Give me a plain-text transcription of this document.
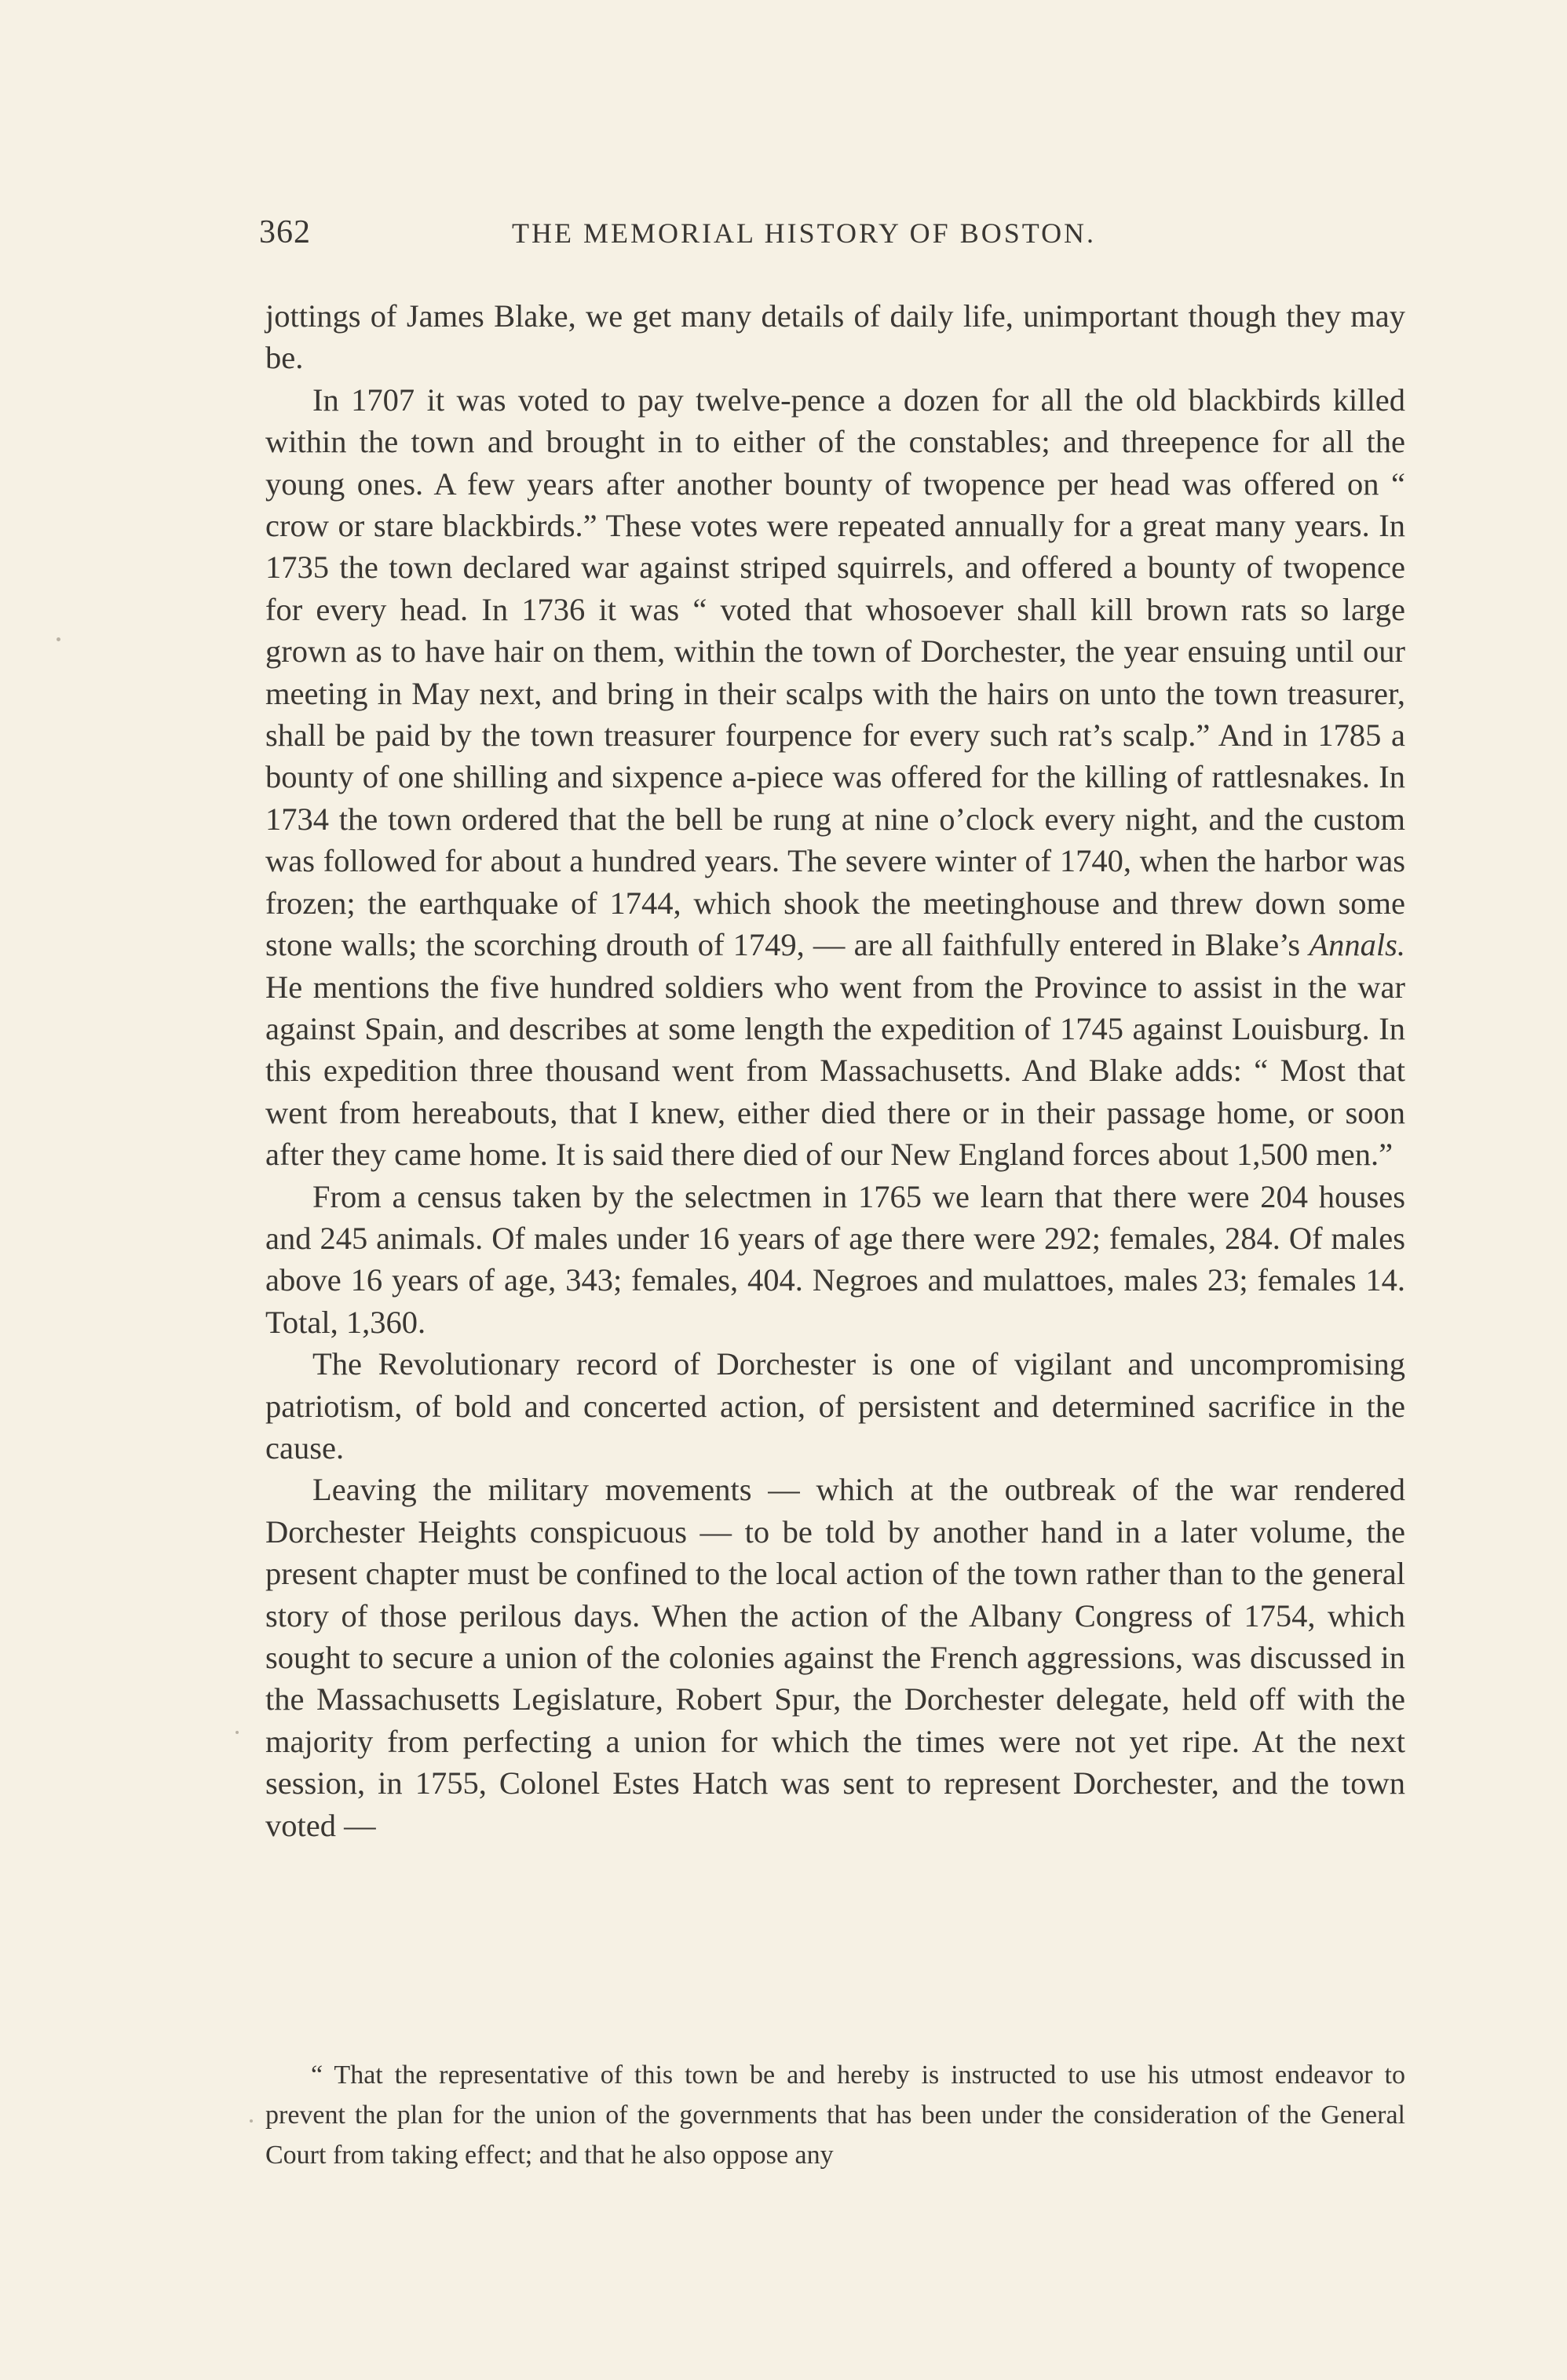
362	THE MEMORIAL HISTORY OF BOSTON.

jottings of James Blake, we get many details of daily life, unimportant though they may be.

In 1707 it was voted to pay twelve-pence a dozen for all the old blackbirds killed within the town and brought in to either of the constables; and threepence for all the young ones. A few years after another bounty of twopence per head was offered on “ crow or stare blackbirds.” These votes were repeated annually for a great many years. In 1735 the town declared war against striped squirrels, and offered a bounty of twopence for every head. In 1736 it was “ voted that whosoever shall kill brown rats so large grown as to have hair on them, within the town of Dorchester, the year ensuing until our meeting in May next, and bring in their scalps with the hairs on unto the town treasurer, shall be paid by the town treasurer fourpence for every such rat’s scalp.” And in 1785 a bounty of one shilling and sixpence a-piece was offered for the killing of rattlesnakes. In 1734 the town ordered that the bell be rung at nine o’clock every night, and the custom was followed for about a hundred years. The severe winter of 1740, when the harbor was frozen; the earthquake of 1744, which shook the meetinghouse and threw down some stone walls; the scorching drouth of 1749, — are all faithfully entered in Blake’s Annals. He mentions the five hundred soldiers who went from the Province to assist in the war against Spain, and describes at some length the expedition of 1745 against Louisburg. In this expedition three thousand went from Massachusetts. And Blake adds: “ Most that went from hereabouts, that I knew, either died there or in their passage home, or soon after they came home. It is said there died of our New England forces about 1,500 men.”

From a census taken by the selectmen in 1765 we learn that there were 204 houses and 245 animals. Of males under 16 years of age there were 292; females, 284. Of males above 16 years of age, 343; females, 404. Negroes and mulattoes, males 23; females 14. Total, 1,360.

The Revolutionary record of Dorchester is one of vigilant and uncompromising patriotism, of bold and concerted action, of persistent and determined sacrifice in the cause.

Leaving the military movements — which at the outbreak of the war rendered Dorchester Heights conspicuous — to be told by another hand in a later volume, the present chapter must be confined to the local action of the town rather than to the general story of those perilous days. When the action of the Albany Congress of 1754, which sought to secure a union of the colonies against the French aggressions, was discussed in the Massachusetts Legislature, Robert Spur, the Dorchester delegate, held off with the majority from perfecting a union for which the times were not yet ripe. At the next session, in 1755, Colonel Estes Hatch was sent to represent Dorchester, and the town voted —

“ That the representative of this town be and hereby is instructed to use his utmost endeavor to prevent the plan for the union of the governments that has been under the consideration of the General Court from taking effect; and that he also oppose any
